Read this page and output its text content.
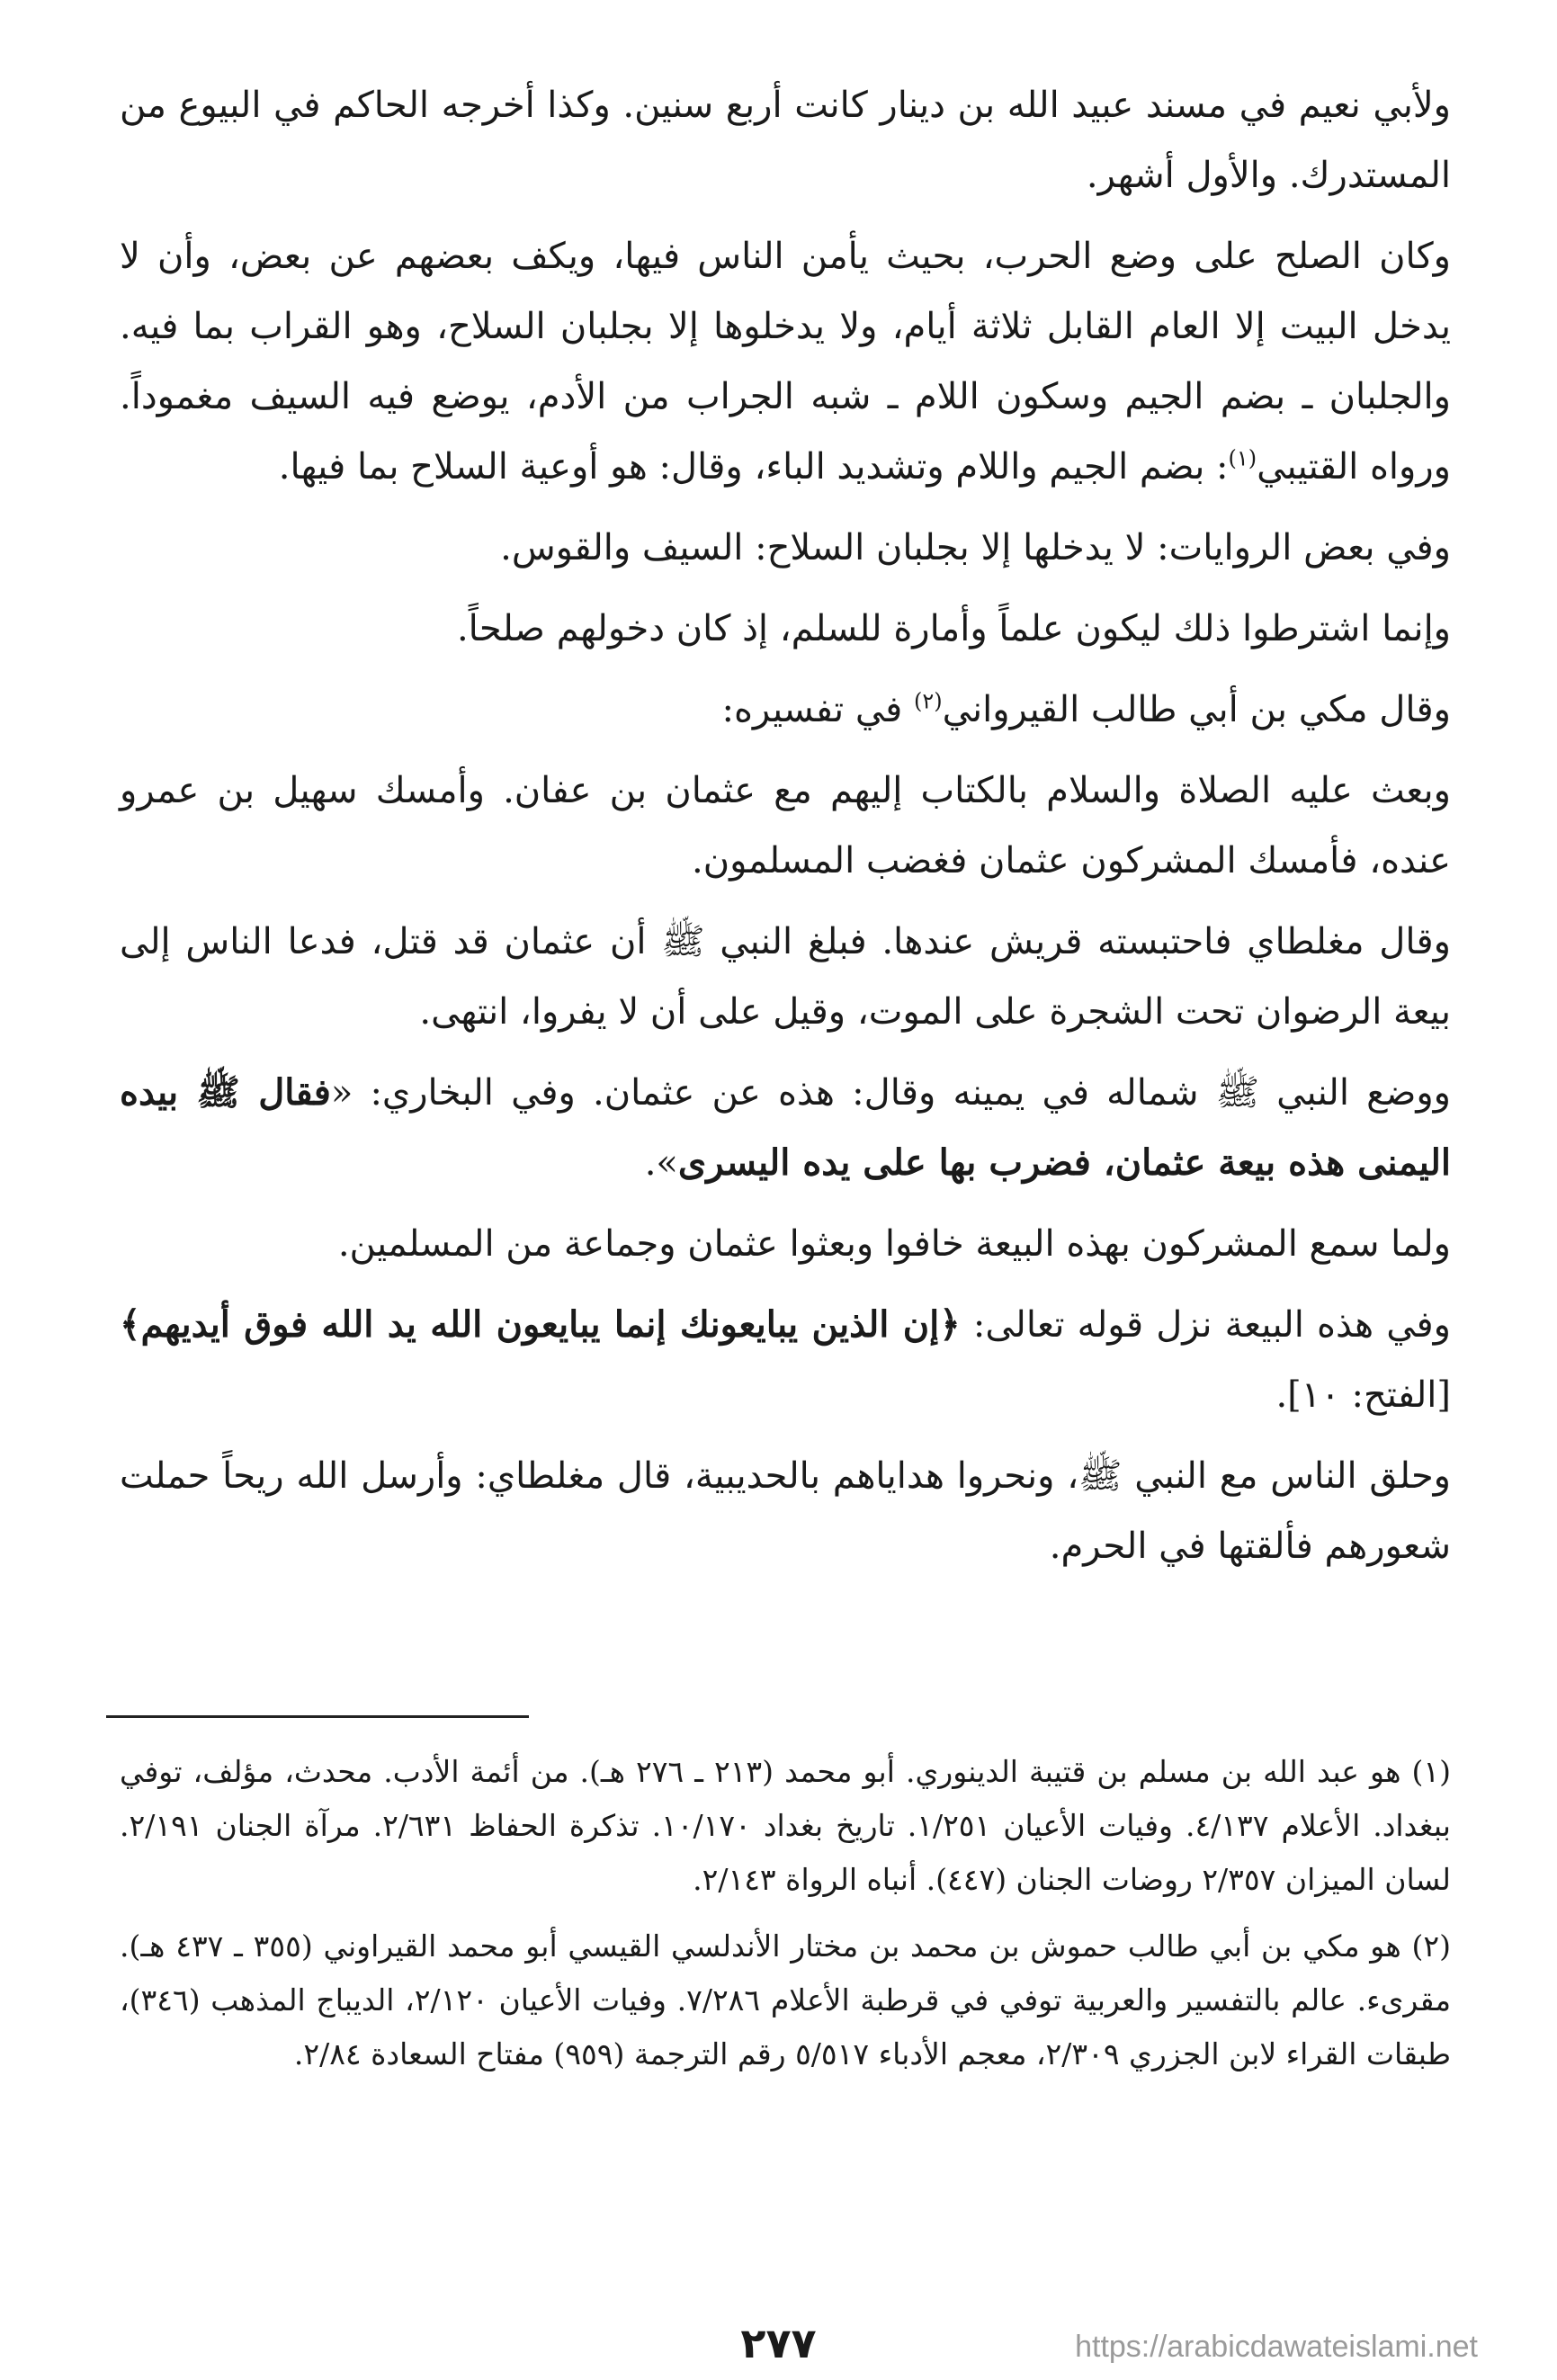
ولأبي نعيم في مسند عبيد الله بن دينار كانت أربع سنين. وكذا أخرجه الحاكم في البيوع من المستدرك. والأول أشهر.

وكان الصلح على وضع الحرب، بحيث يأمن الناس فيها، ويكف بعضهم عن بعض، وأن لا يدخل البيت إلا العام القابل ثلاثة أيام، ولا يدخلوها إلا بجلبان السلاح، وهو القراب بما فيه. والجلبان ـ بضم الجيم وسكون اللام ـ شبه الجراب من الأدم، يوضع فيه السيف مغموداً. ورواه القتيبي$^{(١)}$: بضم الجيم واللام وتشديد الباء، وقال: هو أوعية السلاح بما فيها.

وفي بعض الروايات: لا يدخلها إلا بجلبان السلاح: السيف والقوس.

وإنما اشترطوا ذلك ليكون علماً وأمارة للسلم، إذ كان دخولهم صلحاً.

وقال مكي بن أبي طالب القيرواني$^{(٢)}$ في تفسيره:

وبعث عليه الصلاة والسلام بالكتاب إليهم مع عثمان بن عفان. وأمسك سهيل بن عمرو عنده، فأمسك المشركون عثمان فغضب المسلمون.

وقال مغلطاي فاحتبسته قريش عندها. فبلغ النبي ﷺ أن عثمان قد قتل، فدعا الناس إلى بيعة الرضوان تحت الشجرة على الموت، وقيل على أن لا يفروا، انتهى.

ووضع النبي ﷺ شماله في يمينه وقال: هذه عن عثمان. وفي البخاري: «فقال ﷺ بيده اليمنى هذه بيعة عثمان، فضرب بها على يده اليسرى».

ولما سمع المشركون بهذه البيعة خافوا وبعثوا عثمان وجماعة من المسلمين.

وفي هذه البيعة نزل قوله تعالى: ﴿إن الذين يبايعونك إنما يبايعون الله يد الله فوق أيديهم﴾ [الفتح: ١٠].

وحلق الناس مع النبي ﷺ، ونحروا هداياهم بالحديبية، قال مغلطاي: وأرسل الله ريحاً حملت شعورهم فألقتها في الحرم.

(١) هو عبد الله بن مسلم بن قتيبة الدينوري. أبو محمد (٢١٣ ـ ٢٧٦ هـ). من أئمة الأدب. محدث، مؤلف، توفي ببغداد. الأعلام ٤/١٣٧. وفيات الأعيان ١/٢٥١. تاريخ بغداد ١٠/١٧٠. تذكرة الحفاظ ٢/٦٣١. مرآة الجنان ٢/١٩١. لسان الميزان ٢/٣٥٧ روضات الجنان (٤٤٧). أنباه الرواة ٢/١٤٣.

(٢) هو مكي بن أبي طالب حموش بن محمد بن مختار الأندلسي القيسي أبو محمد القيراوني (٣٥٥ ـ ٤٣٧ هـ). مقرىء. عالم بالتفسير والعربية توفي في قرطبة الأعلام ٧/٢٨٦. وفيات الأعيان ٢/١٢٠، الديباج المذهب (٣٤٦)، طبقات القراء لابن الجزري ٢/٣٠٩، معجم الأدباء ٥/٥١٧ رقم الترجمة (٩٥٩) مفتاح السعادة ٢/٨٤.

٢٧٧	https://arabicdawateislami.net
